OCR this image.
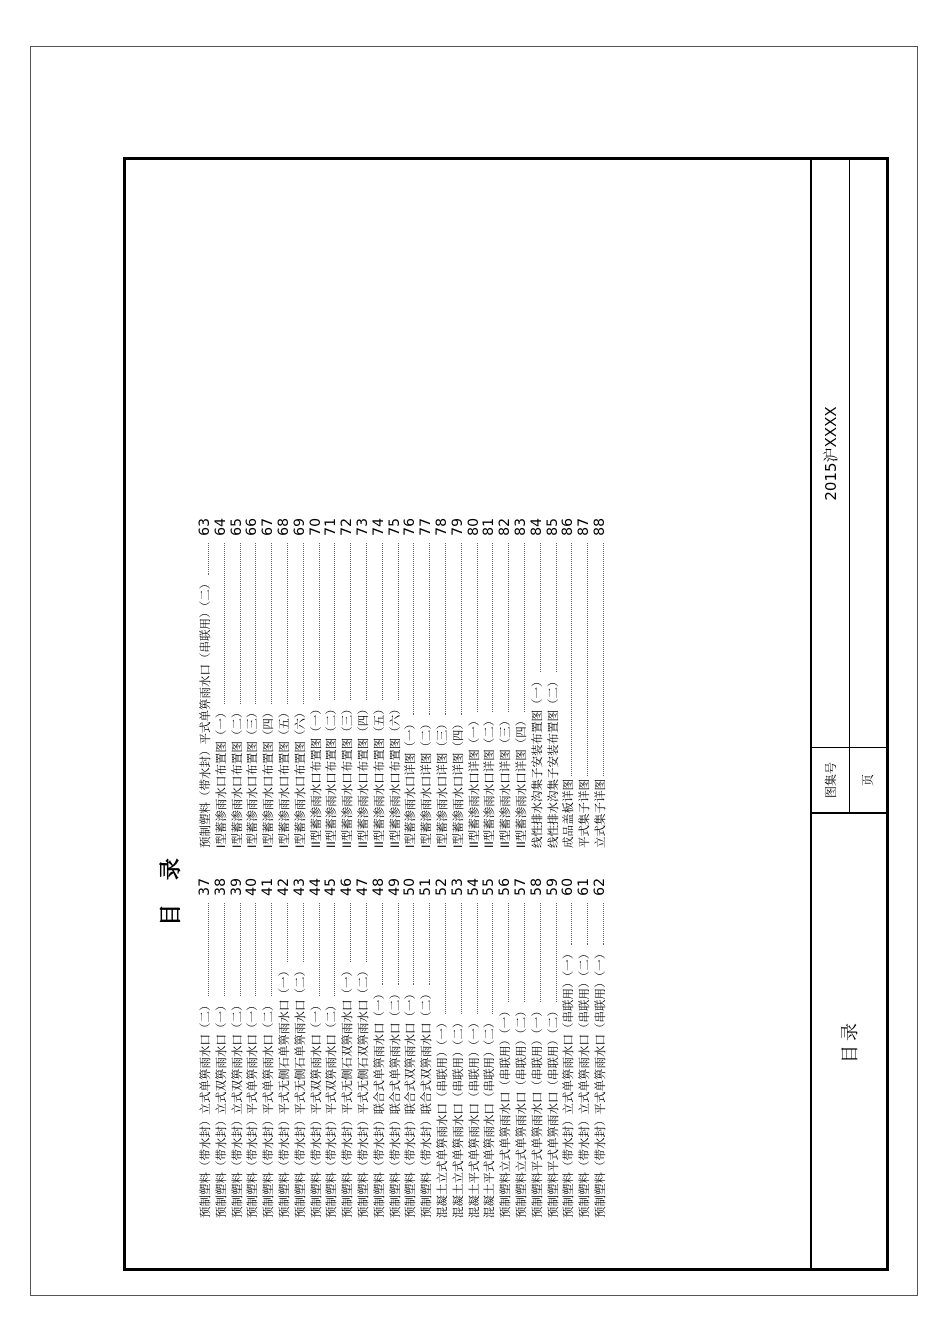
目 录
预制塑料（带水封）立式单箅雨水口（二）
37
预制塑料（带水封）立式双箅雨水口（一）
38
预制塑料（带水封）立式双箅雨水口（二）
39
预制塑料（带水封）平式单箅雨水口（一）
40
预制塑料（带水封）平式单箅雨水口（二）
41
预制塑料（带水封）平式无侧石单箅雨水口（一）
42
预制塑料（带水封）平式无侧石单箅雨水口（二）
43
预制塑料（带水封）平式双箅雨水口（一）
44
预制塑料（带水封）平式双箅雨水口（二）
45
预制塑料（带水封）平式无侧石双箅雨水口（一）
46
预制塑料（带水封）平式无侧石双箅雨水口（二）
47
预制塑料（带水封）联合式单箅雨水口（一）
48
预制塑料（带水封）联合式单箅雨水口（二）
49
预制塑料（带水封）联合式双箅雨水口（一）
50
预制塑料（带水封）联合式双箅雨水口（二）
51
混凝土立式单箅雨水口（串联用）（一）
52
混凝土立式单箅雨水口（串联用）（二）
53
混凝土平式单箅雨水口（串联用）（一）
54
混凝土平式单箅雨水口（串联用）（二）
55
预制塑料立式单箅雨水口（串联用）（一）
56
预制塑料立式单箅雨水口（串联用）（二）
57
预制塑料平式单箅雨水口（串联用）（一）
58
预制塑料平式单箅雨水口（串联用）（二）
59
预制塑料（带水封）立式单箅雨水口（串联用）（一）
60
预制塑料（带水封）立式单箅雨水口（串联用）（二）
61
预制塑料（带水封）平式单箅雨水口（串联用）（一）
62
预制塑料（带水封）平式单箅雨水口（串联用）（二）
63
I型蓄渗雨水口布置图（一）
64
I型蓄渗雨水口布置图（二）
65
I型蓄渗雨水口布置图（三）
66
I型蓄渗雨水口布置图（四）
67
I型蓄渗雨水口布置图（五）
68
I型蓄渗雨水口布置图（六）
69
II型蓄渗雨水口布置图（一）
70
II型蓄渗雨水口布置图（二）
71
II型蓄渗雨水口布置图（三）
72
II型蓄渗雨水口布置图（四）
73
II型蓄渗雨水口布置图（五）
74
II型蓄渗雨水口布置图（六）
75
I型蓄渗雨水口详图（一）
76
I型蓄渗雨水口详图（二）
77
I型蓄渗雨水口详图（三）
78
I型蓄渗雨水口详图（四）
79
II型蓄渗雨水口详图（一）
80
II型蓄渗雨水口详图（二）
81
II型蓄渗雨水口详图（三）
82
II型蓄渗雨水口详图（四）
83
线性排水沟集子安装布置图（一）
84
线性排水沟集子安装布置图（二）
85
成品盖板详图
86
平式集子详图
87
立式集子详图
88
目录
图集号
2015沪XXXX
页
